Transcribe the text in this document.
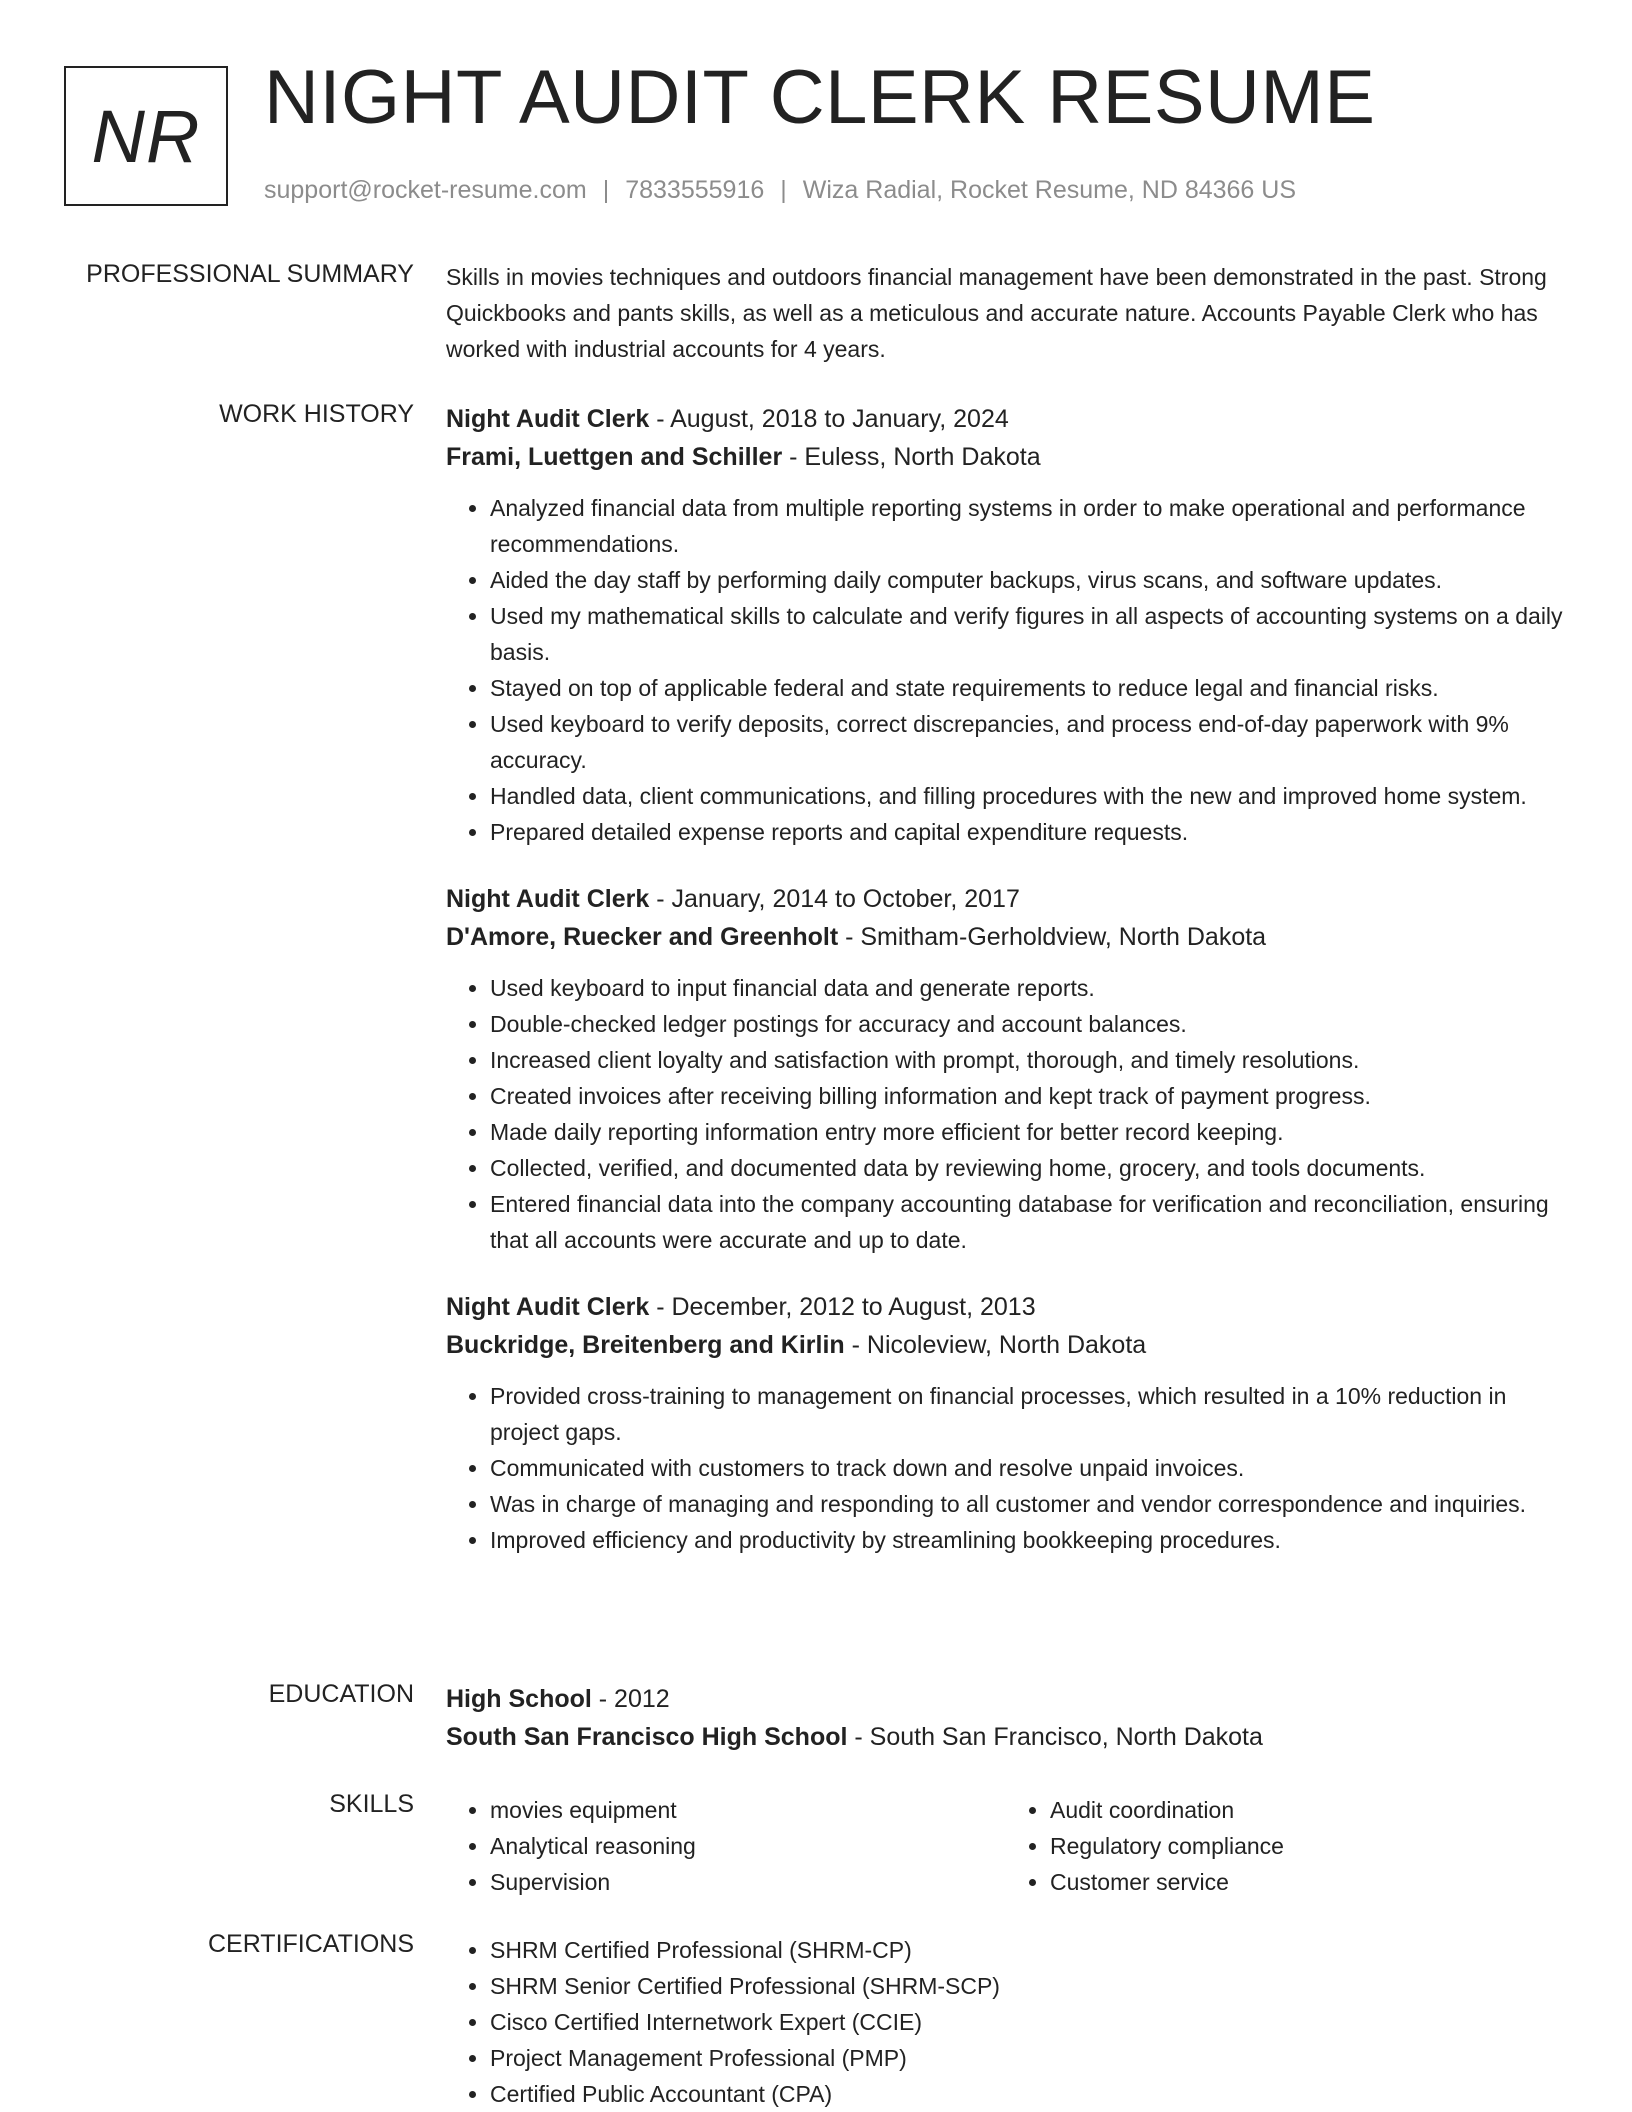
NR NIGHT AUDIT CLERK RESUME
support@rocket-resume.com | 7833555916 | Wiza Radial, Rocket Resume, ND 84366 US
PROFESSIONAL SUMMARY Skills in movies techniques and outdoors financial management have been demonstrated in the past. Strong Quickbooks and pants skills, as well as a meticulous and accurate nature. Accounts Payable Clerk who has worked with industrial accounts for 4 years.

WORK HISTORY Night Audit Clerk - August, 2018 to January, 2024
Frami, Luettgen and Schiller - Euless, North Dakota
• Analyzed financial data from multiple reporting systems in order to make operational and performance recommendations.
• Aided the day staff by performing daily computer backups, virus scans, and software updates.
• Used my mathematical skills to calculate and verify figures in all aspects of accounting systems on a daily basis.
• Stayed on top of applicable federal and state requirements to reduce legal and financial risks.
• Used keyboard to verify deposits, correct discrepancies, and process end-of-day paperwork with 9% accuracy.
• Handled data, client communications, and filling procedures with the new and improved home system.
• Prepared detailed expense reports and capital expenditure requests.
Night Audit Clerk - January, 2014 to October, 2017
D'Amore, Ruecker and Greenholt - Smitham-Gerholdview, North Dakota
• Used keyboard to input financial data and generate reports.
• Double-checked ledger postings for accuracy and account balances.
• Increased client loyalty and satisfaction with prompt, thorough, and timely resolutions.
• Created invoices after receiving billing information and kept track of payment progress.
• Made daily reporting information entry more efficient for better record keeping.
• Collected, verified, and documented data by reviewing home, grocery, and tools documents.
• Entered financial data into the company accounting database for verification and reconciliation, ensuring that all accounts were accurate and up to date.
Night Audit Clerk - December, 2012 to August, 2013
Buckridge, Breitenberg and Kirlin - Nicoleview, North Dakota
• Provided cross-training to management on financial processes, which resulted in a 10% reduction in project gaps.
• Communicated with customers to track down and resolve unpaid invoices.
• Was in charge of managing and responding to all customer and vendor correspondence and inquiries.
• Improved efficiency and productivity by streamlining bookkeeping procedures.
EDUCATION High School - 2012
South San Francisco High School - South San Francisco, North Dakota
SKILLS	• movies equipment
• Analytical reasoning
• Supervision
• Audit coordination
• Regulatory compliance
• Customer service
CERTIFICATIONS	• SHRM Certified Professional (SHRM-CP)
• SHRM Senior Certified Professional (SHRM-SCP)
• Cisco Certified Internetwork Expert (CCIE)
• Project Management Professional (PMP)
• Certified Public Accountant (CPA)
